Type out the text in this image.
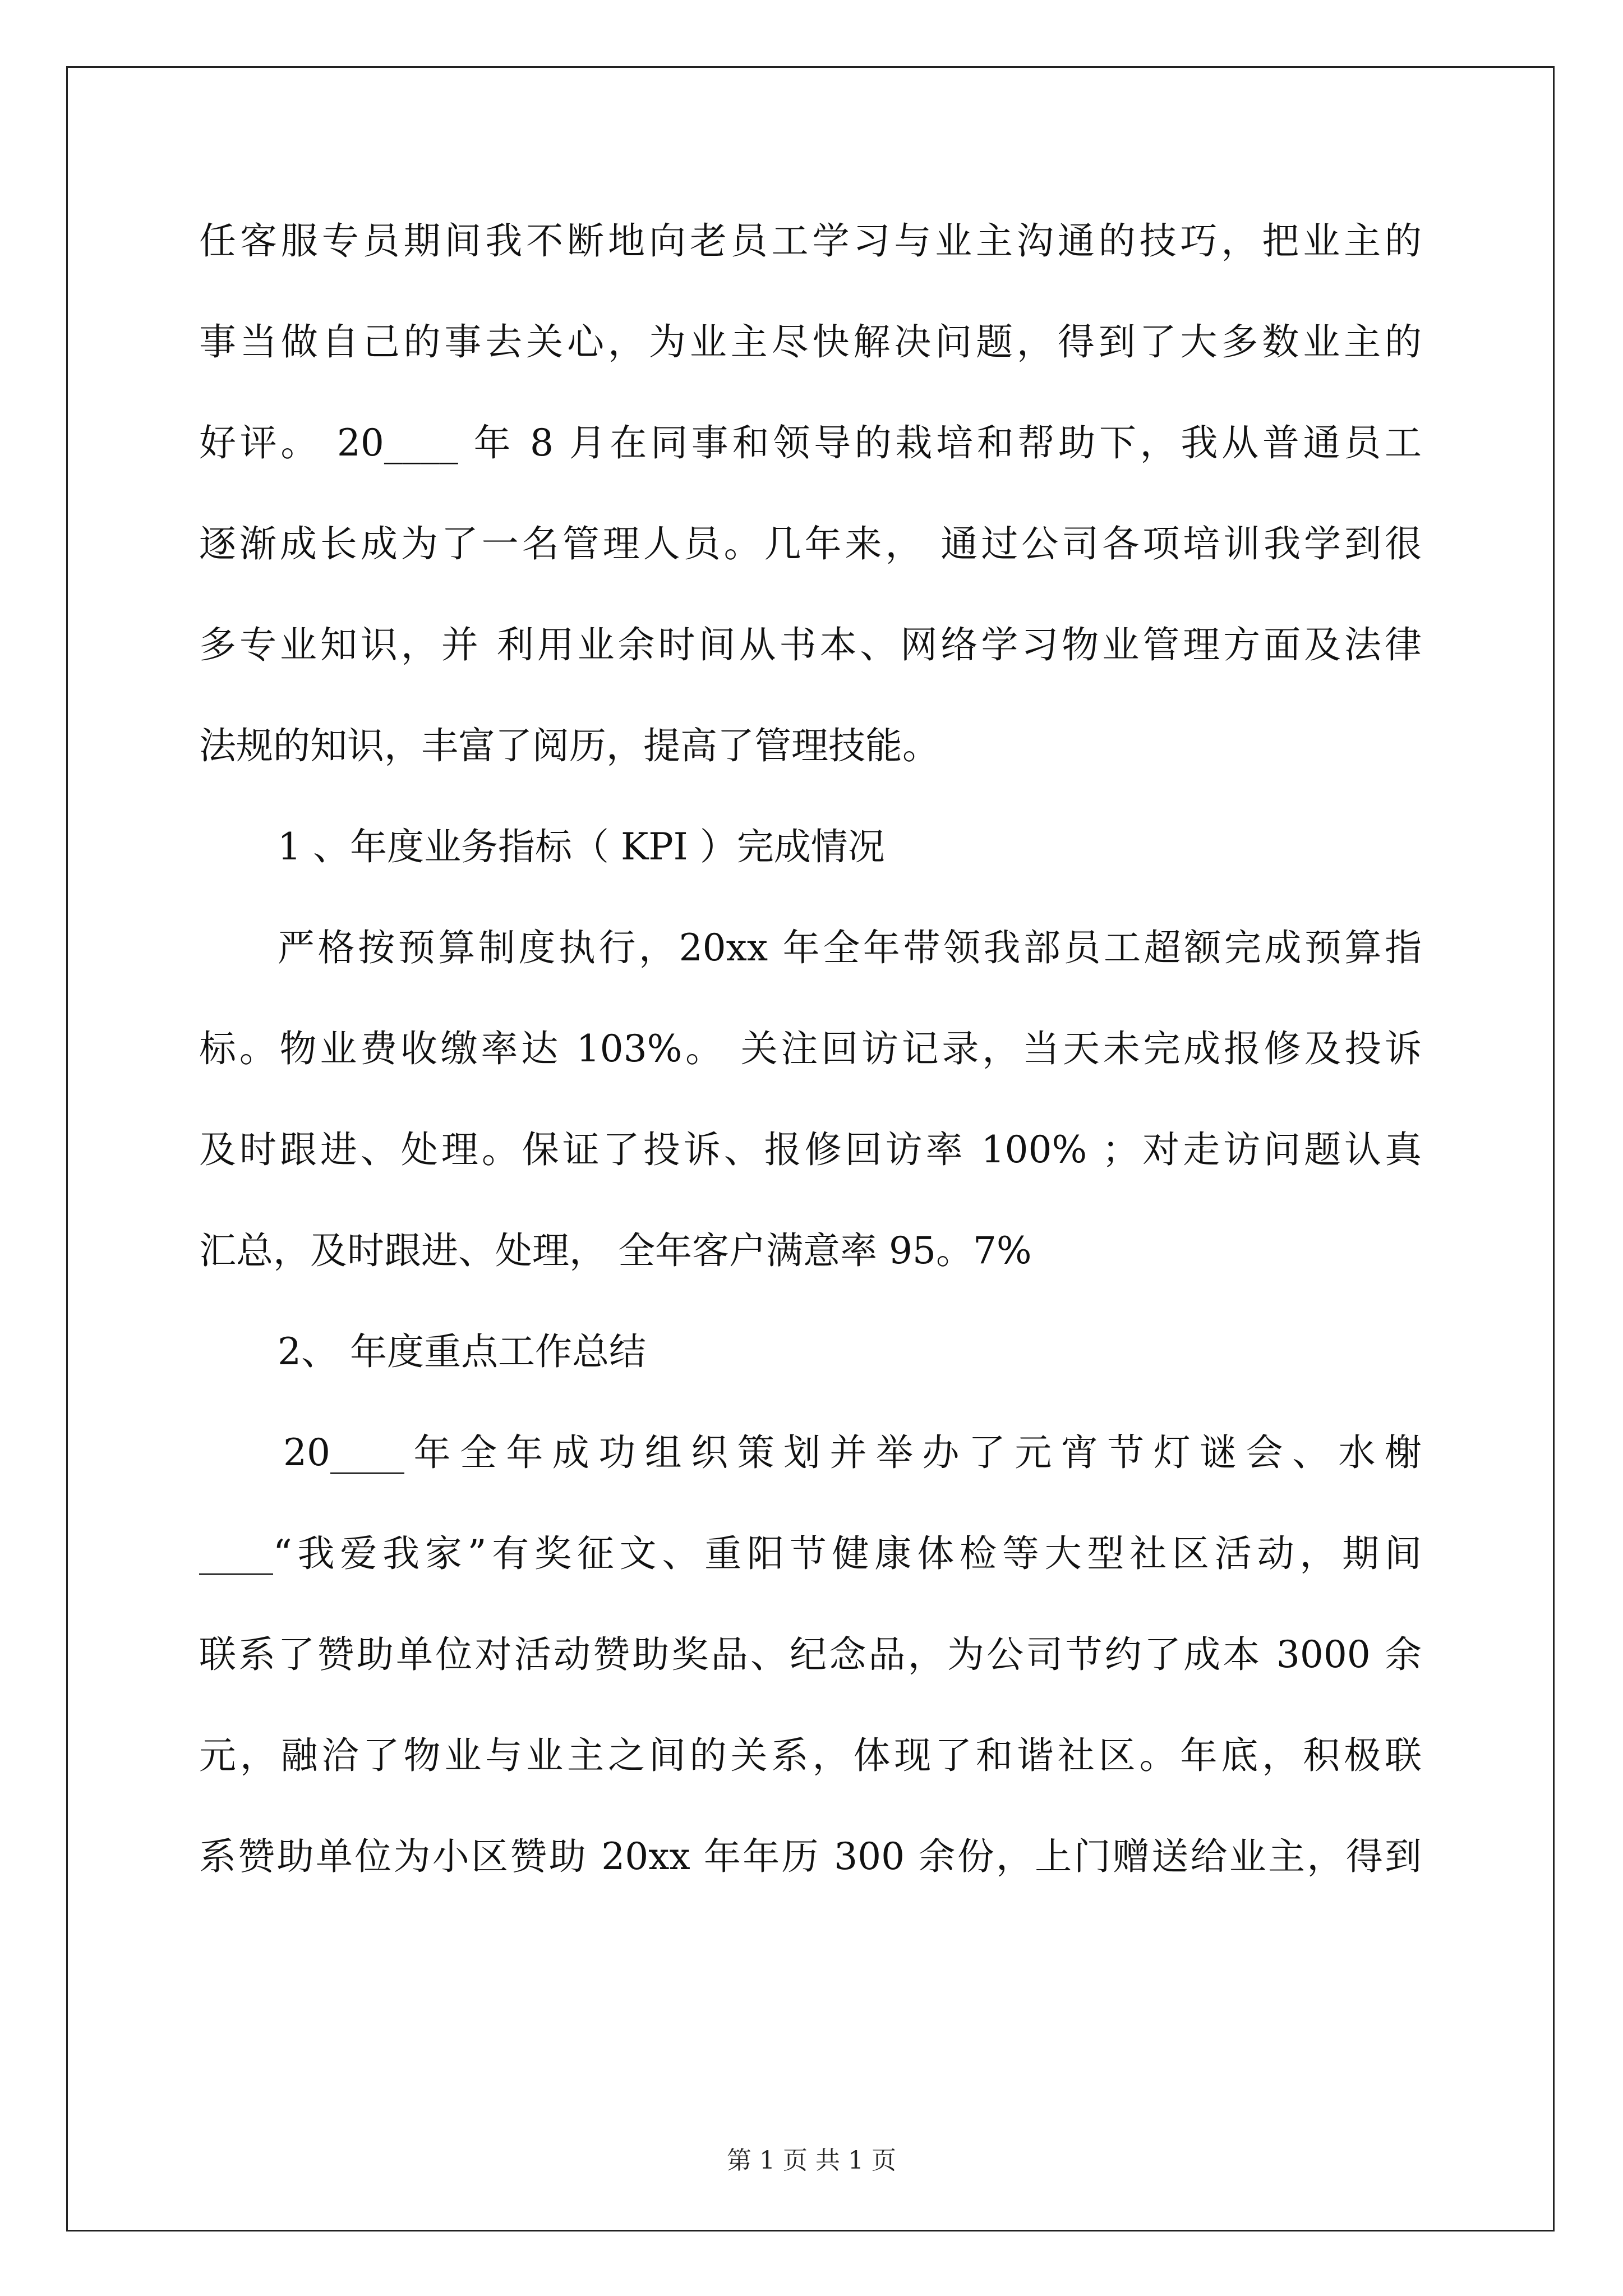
任客服专员期间我不断地向老员工学习与业主沟通的技巧，把业主的
事当做自己的事去关心，为业主尽快解决问题，得到了大多数业主的
好评。 20____ 年 8 月在同事和领导的栽培和帮助下，我从普通员工
逐渐成长成为了一名管理人员。几年来， 通过公司各项培训我学到很
多专业知识，并 利用业余时间从书本、网络学习物业管理方面及法律
法规的知识，丰富了阅历，提高了管理技能。
1 、年度业务指标（ KPI ）完成情况
严格按预算制度执行，20xx 年全年带领我部员工超额完成预算指
标。物业费收缴率达 103%。 关注回访记录，当天未完成报修及投诉
及时跟进、处理。保证了投诉、报修回访率 100% ；对走访问题认真
汇总，及时跟进、处理， 全年客户满意率 95。7%
2、 年度重点工作总结
20____年全年成功组织策划并举办了元宵节灯谜会、水榭
____“我爱我家”有奖征文、重阳节健康体检等大型社区活动，期间
联系了赞助单位对活动赞助奖品、纪念品，为公司节约了成本 3000 余
元，融洽了物业与业主之间的关系，体现了和谐社区。年底，积极联
系赞助单位为小区赞助 20xx 年年历 300 余份，上门赠送给业主，得到
第 1 页 共 1 页
